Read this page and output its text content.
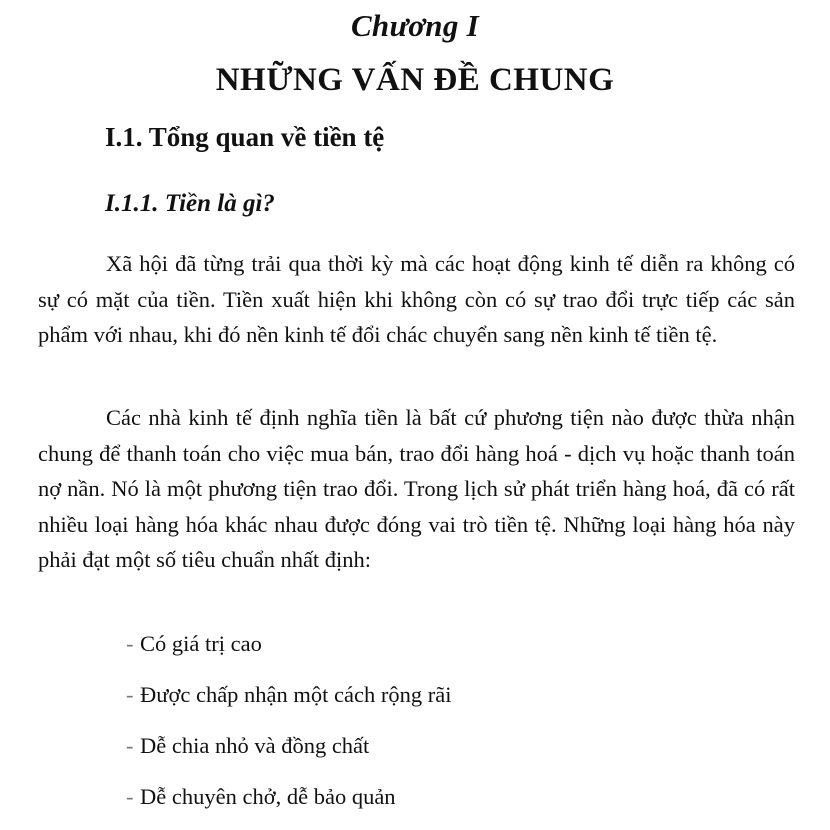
Chương I
NHỮNG VẤN ĐỀ CHUNG
I.1. Tổng quan về tiền tệ
I.1.1. Tiền là gì?

Xã hội đã từng trải qua thời kỳ mà các hoạt động kinh tế diễn ra không có sự có mặt của tiền. Tiền xuất hiện khi không còn có sự trao đổi trực tiếp các sản phẩm với nhau, khi đó nền kinh tế đổi chác chuyển sang nền kinh tế tiền tệ.

Các nhà kinh tế định nghĩa tiền là bất cứ phương tiện nào được thừa nhận chung để thanh toán cho việc mua bán, trao đổi hàng hoá - dịch vụ hoặc thanh toán nợ nần. Nó là một phương tiện trao đổi. Trong lịch sử phát triển hàng hoá, đã có rất nhiều loại hàng hóa khác nhau được đóng vai trò tiền tệ. Những loại hàng hóa này phải đạt một số tiêu chuẩn nhất định:

- Có giá trị cao
- Được chấp nhận một cách rộng rãi
- Dễ chia nhỏ và đồng chất
- Dễ chuyên chở, dễ bảo quản
